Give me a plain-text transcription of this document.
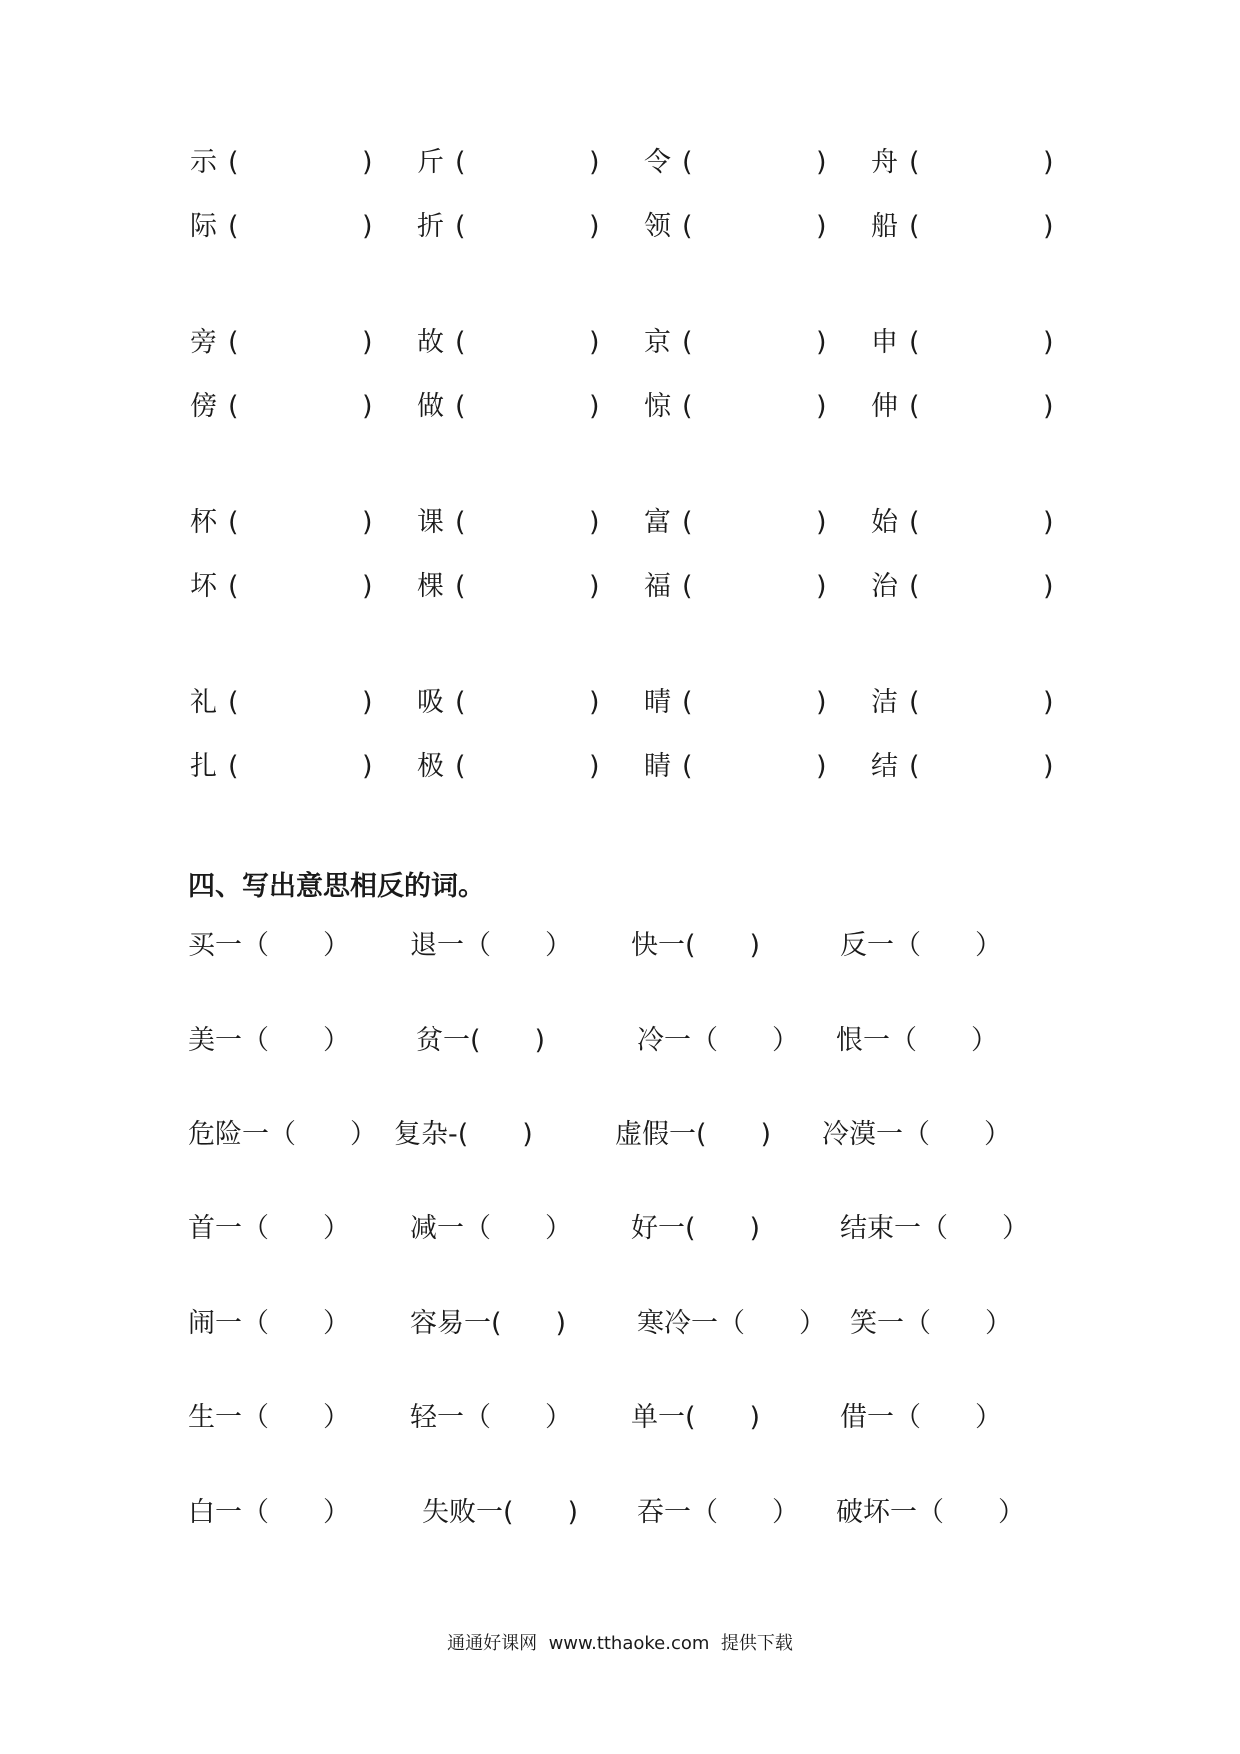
示 (	) 斤 (	) 令 (	) 舟 (	)
际 (	) 折 (	) 领 (	) 船 (	)
旁 (	) 故 (	) 京 (	) 申 (	)
傍 (	) 做 (	) 惊 (	) 伸 (	)
杯 (	) 课 (	) 富 (	) 始 (	)
坏 (	) 棵 (	) 福 (	) 治 (	)
礼 (	) 吸 (	) 晴 (	) 洁 (	)
扎 (	) 极 (	) 睛 (	) 结 (	)
四、写出意思相反的词。
买一（　　） 退一（　　） 快一(　　)	反一（　　）
美一（　　） 贫一(　　)	冷一（　　） 恨一（　　）
危险一（　　） 复杂-(　　)	虚假一(　　) 冷漠一（　　）
首一（　　） 减一（　　） 好一(　　)	结束一（　　）
闹一（　　） 容易一(　　)	寒冷一（　　） 笑一（　　）
生一（　　） 轻一（　　） 单一(　　)	借一（　　）
白一（　　）	失败一(　　) 吞一（　　） 破坏一（　　）
通通好课网  www.tthaoke.com  提供下载
